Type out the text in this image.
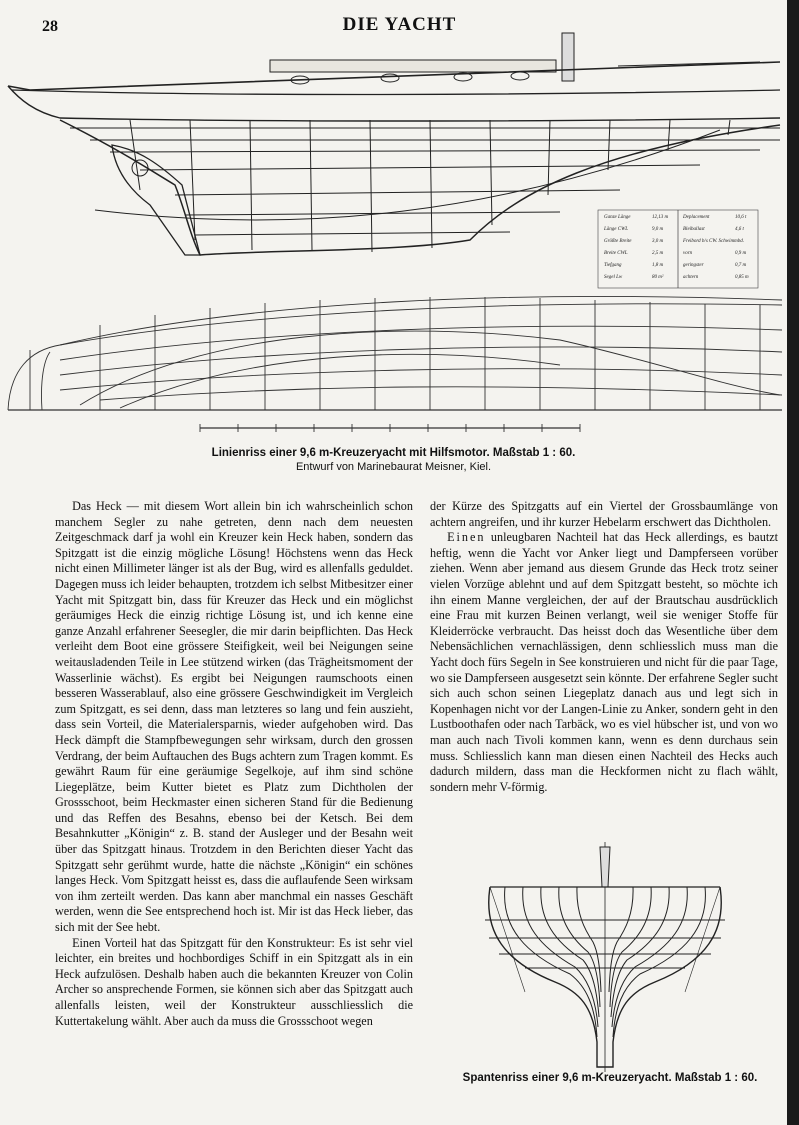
28	DIE YACHT
Ganze Länge	12,13 m	Deplacement	10,6 t
Länge CWL	9,0 m	Bleiballast	4,6 t
Größte Breite	3,0 m	Freibord b/s CW. Schwimmbd.
Breite CWL	2,5 m	vorn	0,9 m
Tiefgang	1,8 m	geringster	0,7 m
Segel Lw	80 m²	achtern	0,85 m
Linienriss einer 9,6 m-Kreuzeryacht mit Hilfsmotor. Maßstab 1 : 60.
Entwurf von Marinebaurat Meisner, Kiel.

Das Heck — mit diesem Wort allein bin ich wahrscheinlich schon manchem Segler zu nahe getreten, denn nach dem neuesten Zeitgeschmack darf ja wohl ein Kreuzer kein Heck haben, sondern das Spitzgatt ist die einzig mögliche Lösung! Höchstens wenn das Heck nicht einen Millimeter länger ist als der Bug, wird es allenfalls geduldet. Dagegen muss ich leider behaupten, trotzdem ich selbst Mitbesitzer einer Yacht mit Spitzgatt bin, dass für Kreuzer das Heck und ein möglichst geräumiges Heck die einzig richtige Lösung ist, und ich kenne eine ganze Anzahl erfahrener Seesegler, die mir darin beipflichten. Das Heck verleiht dem Boot eine grössere Steifigkeit, weil bei Neigungen seine weitausladenden Teile in Lee stützend wirken (das Trägheitsmoment der Wasserlinie wächst). Es ergibt bei Neigungen raumschoots einen besseren Wasserablauf, also eine grössere Geschwindigkeit im Vergleich zum Spitzgatt, es sei denn, dass man letzteres so lang und fein auszieht, dass sein Vorteil, die Materialersparnis, wieder aufgehoben wird. Das Heck dämpft die Stampfbewegungen sehr wirksam, durch den grossen Verdrang, der beim Auftauchen des Bugs achtern zum Tragen kommt. Es gewährt Raum für eine geräumige Segelkoje, auf ihm sind schöne Liegeplätze, beim Kutter bietet es Platz zum Dichtholen der Grossschoot, beim Heckmaster einen sicheren Stand für die Bedienung und das Reffen des Besahns, ebenso bei der Ketsch. Bei dem Besahnkutter „Königin“ z. B. stand der Ausleger und der Besahn weit über das Spitzgatt hinaus. Trotzdem in den Berichten dieser Yacht das Spitzgatt sehr gerühmt wurde, hatte die nächste „Königin“ ein schönes langes Heck. Vom Spitzgatt heisst es, dass die auflaufende Seen wirksam von ihm zerteilt werden. Das kann aber manchmal ein nasses Geschäft werden, wenn die See entsprechend hoch ist. Mir ist das Heck lieber, das sich mit der See hebt.

Einen Vorteil hat das Spitzgatt für den Konstrukteur: Es ist sehr viel leichter, ein breites und hochbordiges Schiff in ein Spitzgatt als in ein Heck aufzulösen. Deshalb haben auch die bekannten Kreuzer von Colin Archer so ansprechende Formen, sie können sich aber das Spitzgatt auch allenfalls leisten, weil der Konstrukteur ausschliesslich die Kuttertakelung wählt. Aber auch da muss die Grossschoot wegen

der Kürze des Spitzgatts auf ein Viertel der Grossbaumlänge von achtern angreifen, und ihr kurzer Hebelarm erschwert das Dichtholen.

Einen unleugbaren Nachteil hat das Heck allerdings, es bautzt heftig, wenn die Yacht vor Anker liegt und Dampferseen vorüber ziehen. Wenn aber jemand aus diesem Grunde das Heck trotz seiner vielen Vorzüge ablehnt und auf dem Spitzgatt besteht, so möchte ich ihn einem Manne vergleichen, der auf der Brautschau ausdrücklich eine Frau mit kurzen Beinen verlangt, weil sie weniger Stoffe für Kleiderröcke verbraucht. Das heisst doch das Wesentliche über dem Nebensächlichen vernachlässigen, denn schliesslich muss man die Yacht doch fürs Segeln in See konstruieren und nicht für die paar Tage, wo sie Dampferseen ausgesetzt sein könnte. Der erfahrene Segler sucht sich auch schon seinen Liegeplatz danach aus und legt sich in Kopenhagen nicht vor der Langen-Linie zu Anker, sondern geht in den Lustboothafen oder nach Tarbäck, wo es viel hübscher ist, und von wo man auch nach Tivoli kommen kann, wenn es denn durchaus sein muss. Schliesslich kann man diesen einen Nachteil des Hecks auch dadurch mildern, dass man die Heckformen nicht zu flach wählt, sondern mehr V-förmig.

Spantenriss einer 9,6 m-Kreuzeryacht. Maßstab 1 : 60.
